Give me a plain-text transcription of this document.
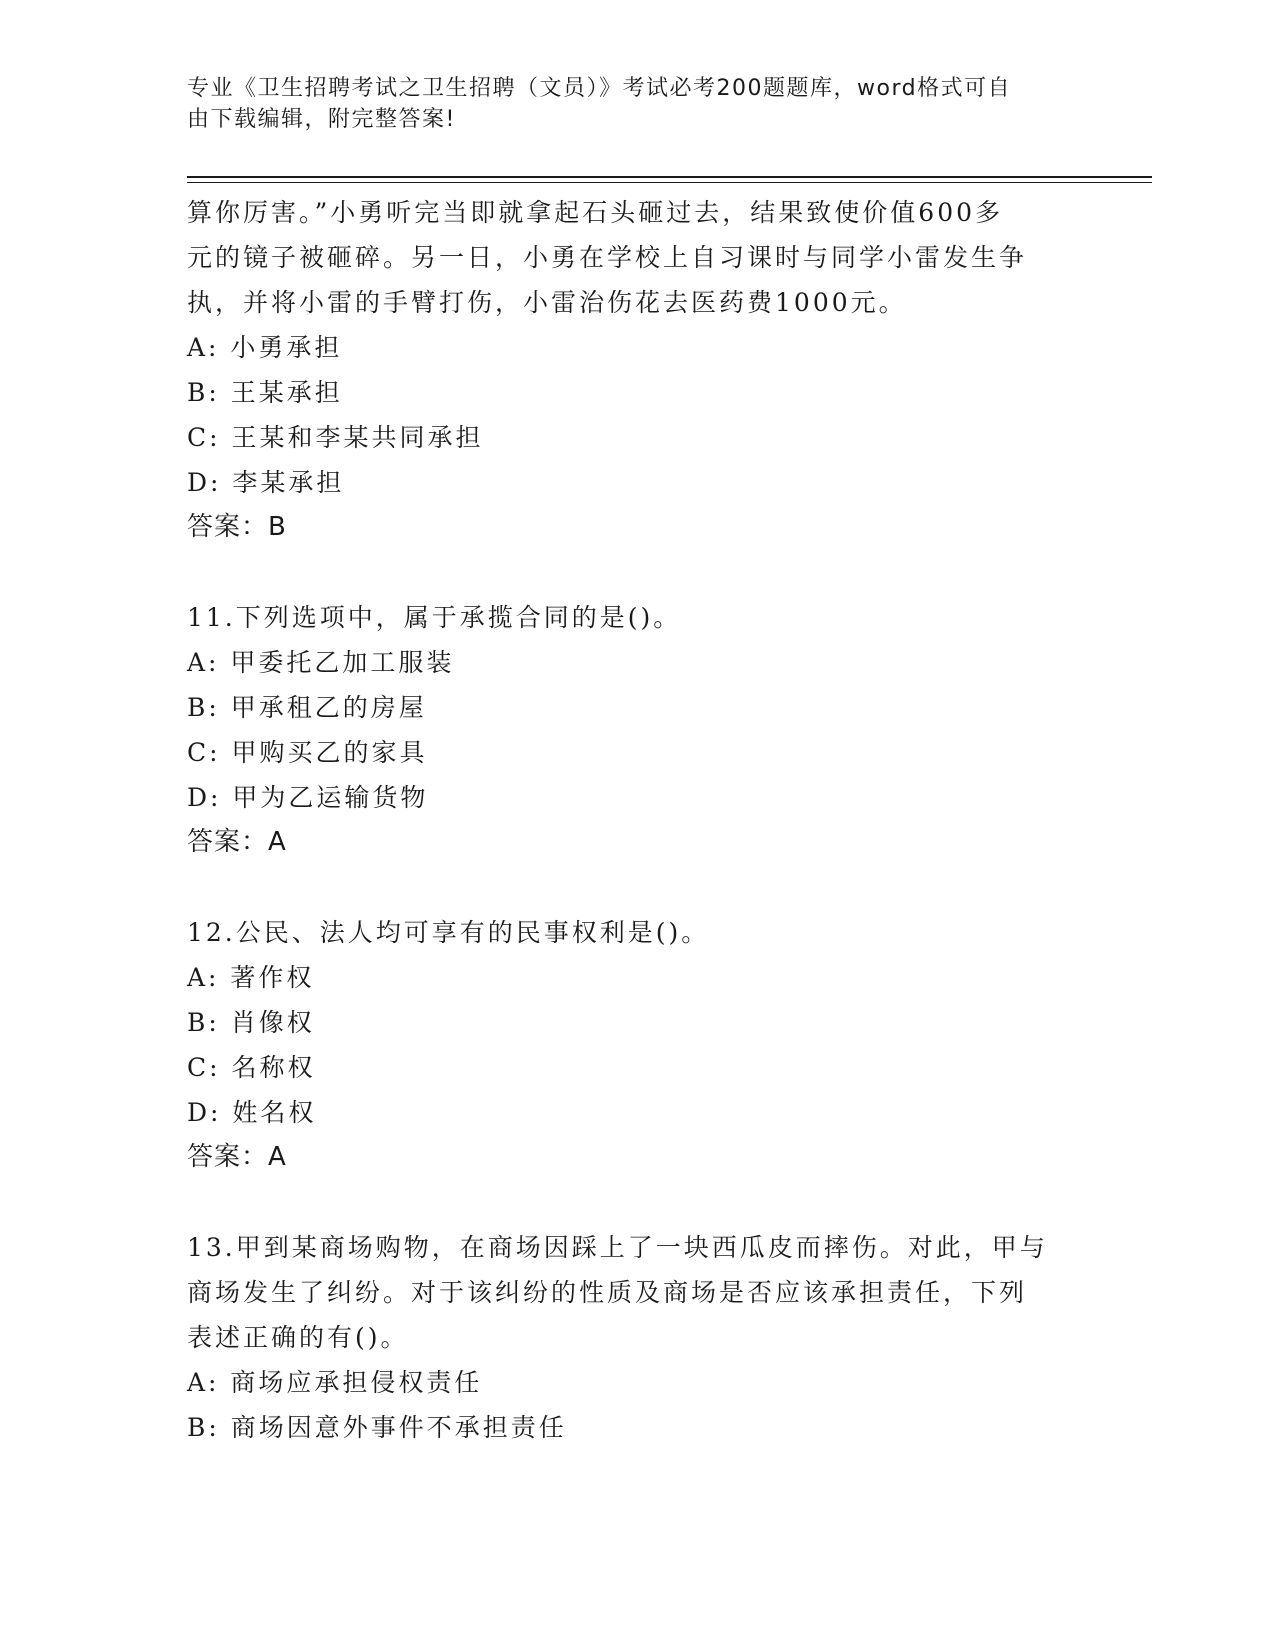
专业《卫生招聘考试之卫生招聘（文员）》考试必考200题题库，word格式可自
由下载编辑，附完整答案!
算你厉害。”小勇听完当即就拿起石头砸过去，结果致使价值600多
元的镜子被砸碎。另一日，小勇在学校上自习课时与同学小雷发生争
执，并将小雷的手臂打伤，小雷治伤花去医药费1000元。
A: 小勇承担
B: 王某承担
C: 王某和李某共同承担
D: 李某承担
答案：B
11.下列选项中，属于承揽合同的是()。
A: 甲委托乙加工服装
B: 甲承租乙的房屋
C: 甲购买乙的家具
D: 甲为乙运输货物
答案：A
12.公民、法人均可享有的民事权利是()。
A: 著作权
B: 肖像权
C: 名称权
D: 姓名权
答案：A
13.甲到某商场购物，在商场因踩上了一块西瓜皮而摔伤。对此，甲与
商场发生了纠纷。对于该纠纷的性质及商场是否应该承担责任，下列
表述正确的有()。
A: 商场应承担侵权责任
B: 商场因意外事件不承担责任
